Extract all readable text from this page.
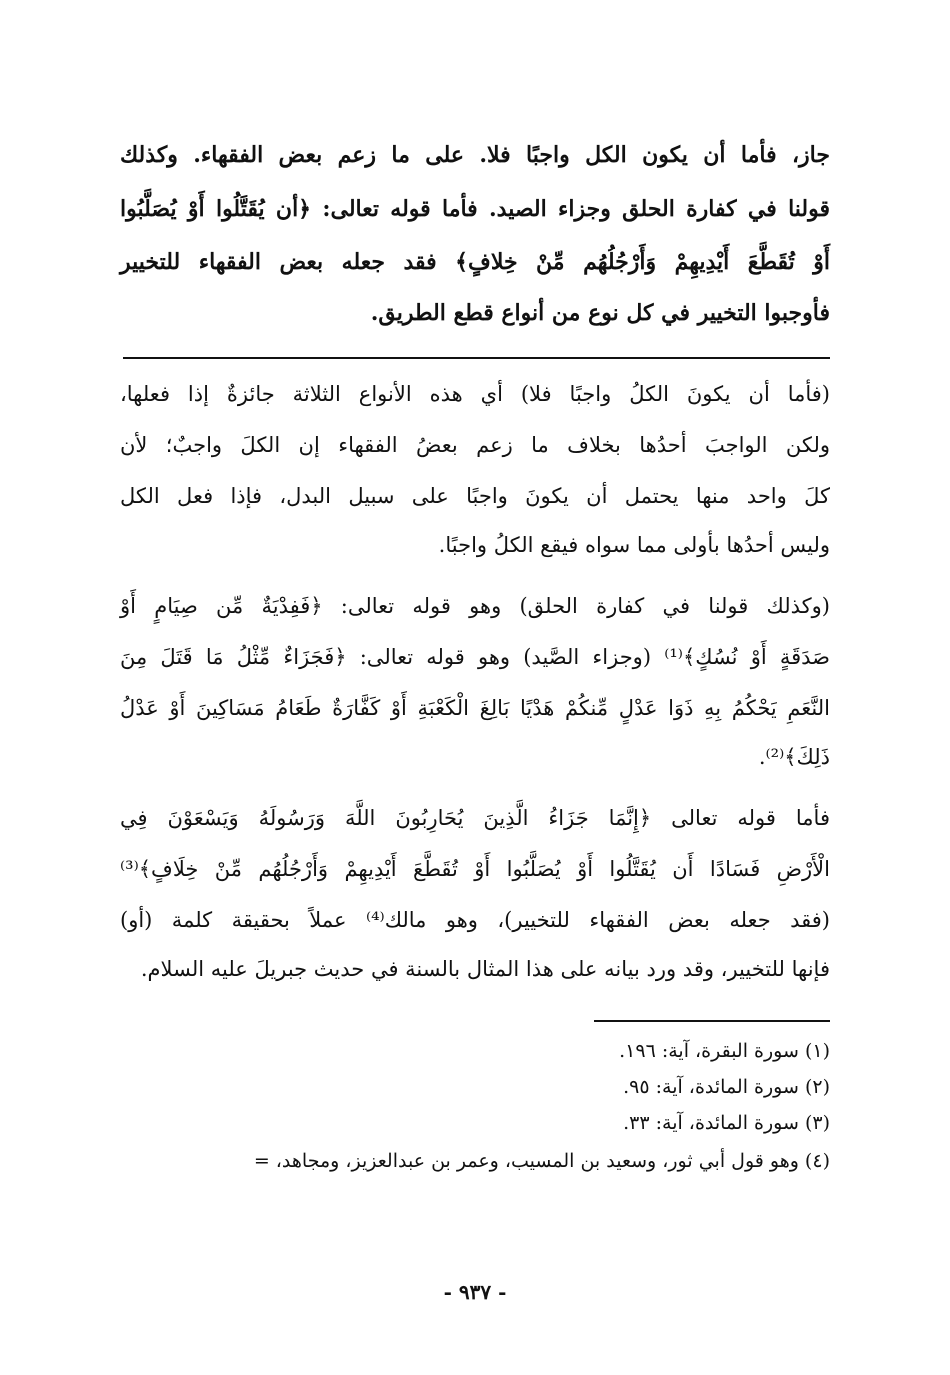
جاز، فأما أن يكون الكل واجبًا فلا. على ما زعم بعض الفقهاء. وكذلك
قولنا في كفارة الحلق وجزاء الصيد. فأما قوله تعالى: ﴿أن يُقَتَّلُوا أَوْ يُصَلَّبُوا
أَوْ تُقَطَّعَ أَيْدِيهِمْ وَأَرْجُلُهُم مِّنْ خِلافٍ﴾ فقد جعله بعض الفقهاء للتخيير
فأوجبوا التخيير في كل نوع من أنواع قطع الطريق.
(فأما أن يكونَ الكلُ واجبًا فلا) أي هذه الأنواع الثلاثة جائزةٌ إذا فعلها،
ولكن الواجبَ أحدُها بخلاف ما زعم بعضُ الفقهاء إن الكلَ واجبٌ؛ لأن
كلَ واحد منها يحتمل أن يكونَ واجبًا على سبيل البدل، فإذا فعل الكل
وليس أحدُها بأولى مما سواه فيقع الكلُ واجبًا.
(وكذلك قولنا في كفارة الحلق) وهو قوله تعالى: ﴿فَفِدْيَةٌ مِّن صِيَامٍ أَوْ
صَدَقَةٍ أَوْ نُسُكٍ﴾⁽¹⁾ (وجزاء الصَّيد) وهو قوله تعالى: ﴿فَجَزَاءٌ مِّثْلُ مَا قَتَلَ مِنَ
النَّعَمِ يَحْكُمُ بِهِ ذَوَا عَدْلٍ مِّنكُمْ هَدْيًا بَالِغَ الْكَعْبَةِ أَوْ كَفَّارَةٌ طَعَامُ مَسَاكِينَ أَوْ عَدْلُ
ذَلِكَ﴾⁽²⁾.
فأما قوله تعالى ﴿إِنَّمَا جَزَاءُ الَّذِينَ يُحَارِبُونَ اللَّهَ وَرَسُولَهُ وَيَسْعَوْنَ فِي
الْأَرْضِ فَسَادًا أَن يُقَتَّلُوا أَوْ يُصَلَّبُوا أَوْ تُقَطَّعَ أَيْدِيهِمْ وَأَرْجُلُهُم مِّنْ خِلَافٍ﴾⁽³⁾
(فقد جعله بعض الفقهاء للتخيير)، وهو مالك⁽⁴⁾ عملاً بحقيقة كلمة (أو)
فإنها للتخيير، وقد ورد بيانه على هذا المثال بالسنة في حديث جبريلَ عليه السلام.
(١) سورة البقرة، آية: ١٩٦.
(٢) سورة المائدة، آية: ٩٥.
(٣) سورة المائدة، آية: ٣٣.
(٤) وهو قول أبي ثور، وسعيد بن المسيب، وعمر بن عبدالعزيز، ومجاهد، =
- ٩٣٧ -
